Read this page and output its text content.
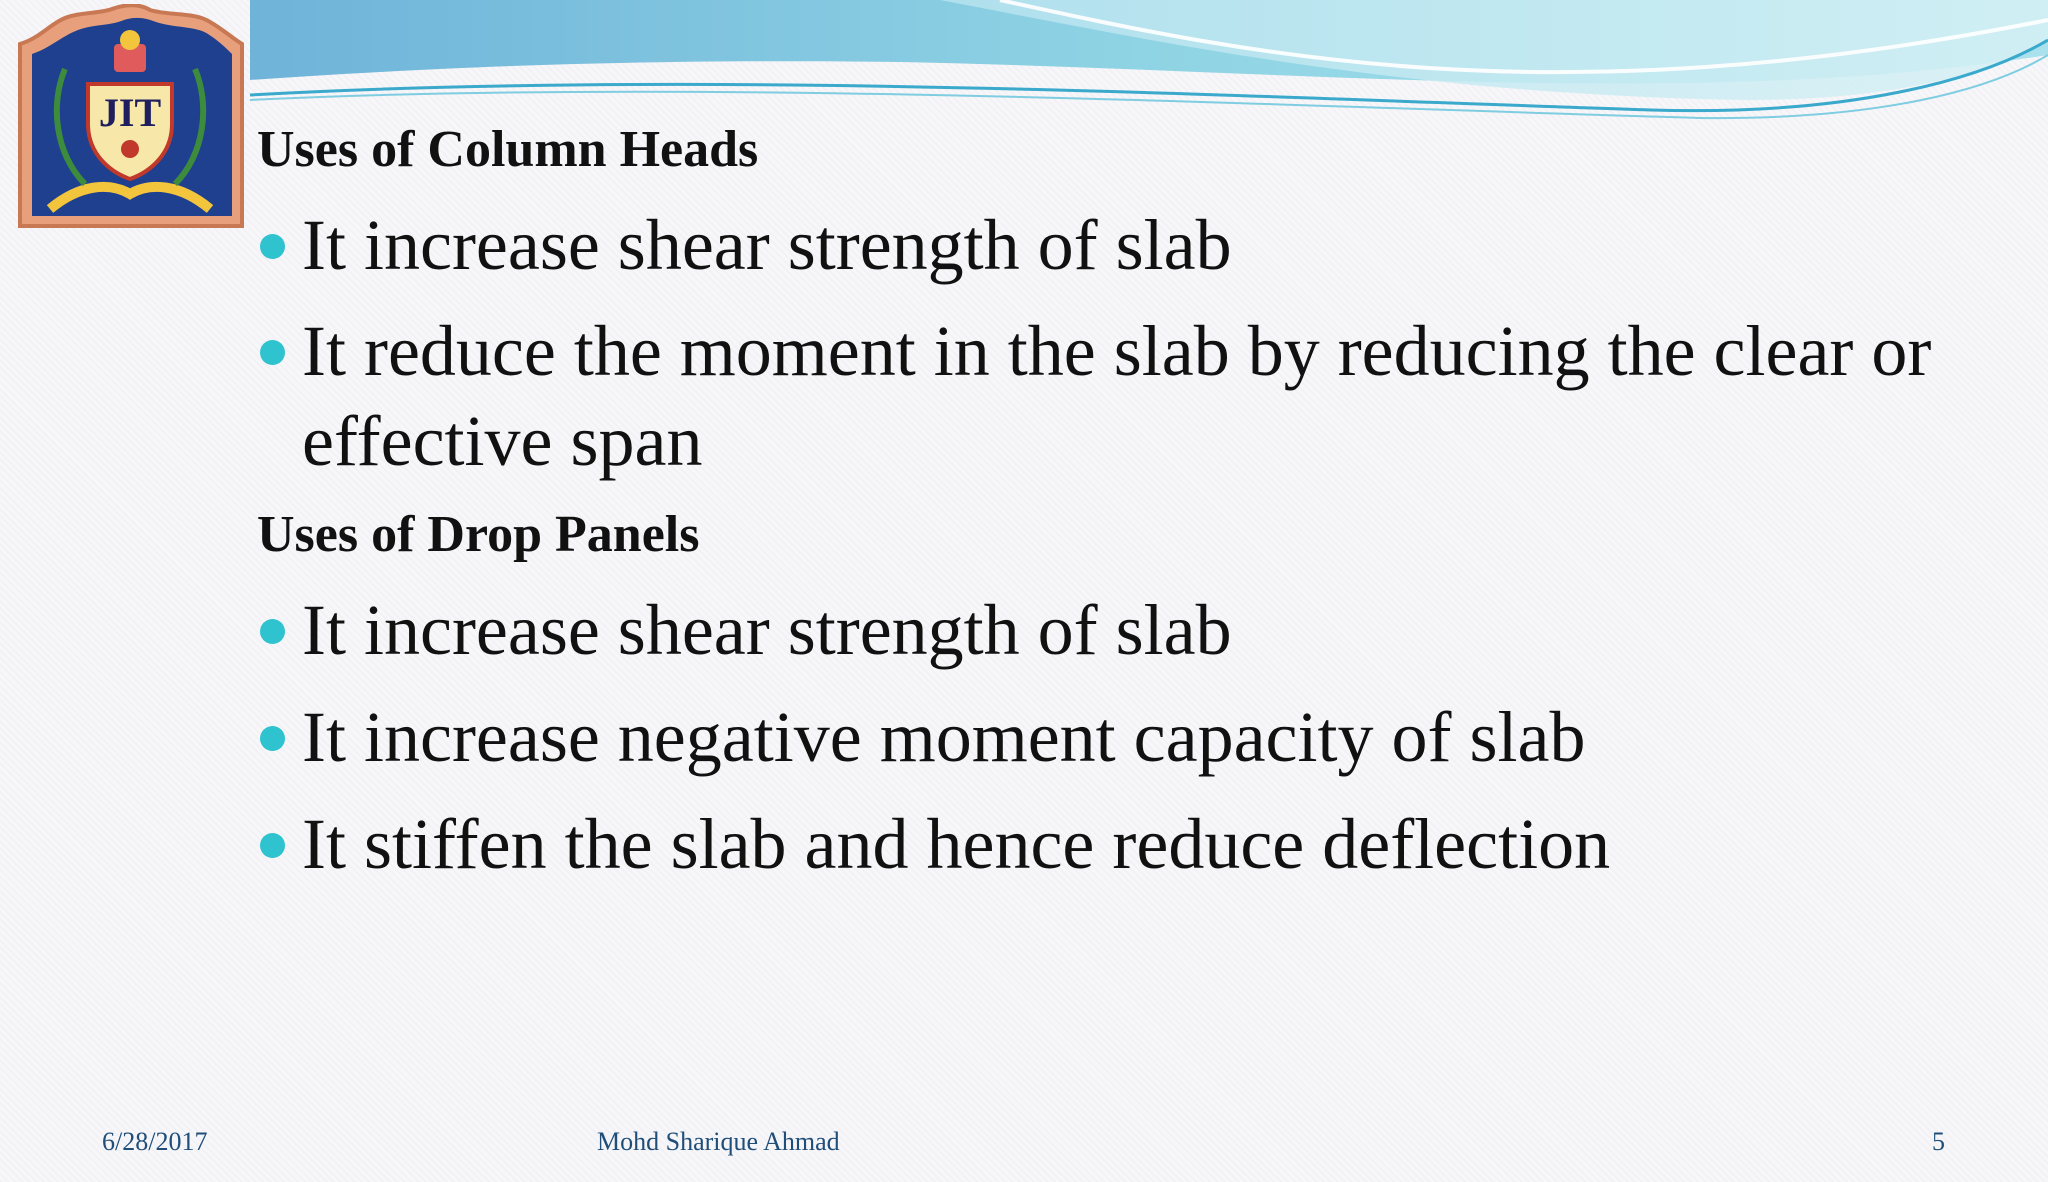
JIT
Uses of Column Heads
It increase shear strength of slab
It reduce the moment in the slab by reducing the clear or effective span
Uses of Drop Panels
It increase shear strength of slab
It increase negative moment capacity of slab
It stiffen the slab and hence reduce deflection
6/28/2017	Mohd Sharique Ahmad	5
